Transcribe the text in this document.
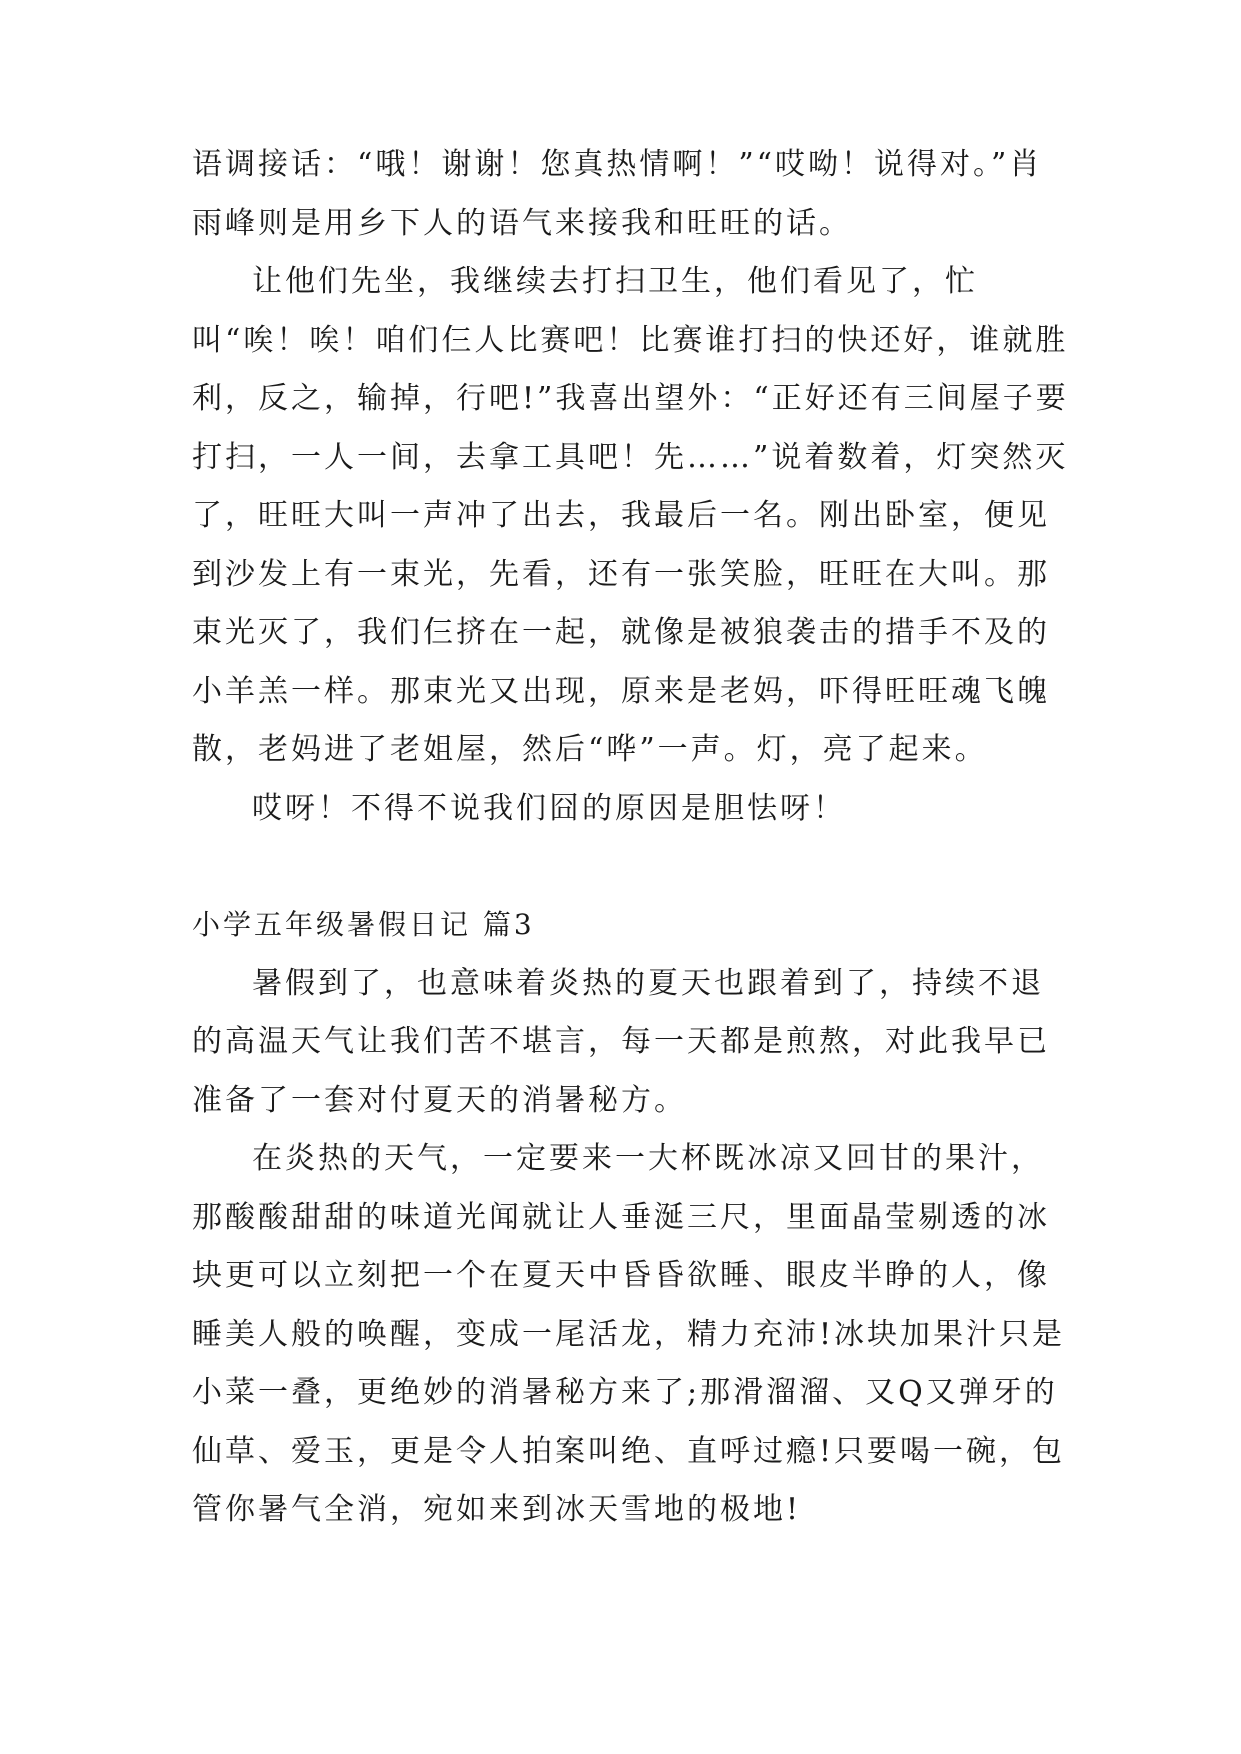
语调接话：“哦！谢谢！您真热情啊！”“哎呦！说得对。”肖雨峰则是用乡下人的语气来接我和旺旺的话。

让他们先坐，我继续去打扫卫生，他们看见了，忙叫“唉！唉！咱们仨人比赛吧！比赛谁打扫的快还好，谁就胜利，反之，输掉，行吧!”我喜出望外：“正好还有三间屋子要打扫，一人一间，去拿工具吧！先……”说着数着，灯突然灭了，旺旺大叫一声冲了出去，我最后一名。刚出卧室，便见到沙发上有一束光，先看，还有一张笑脸，旺旺在大叫。那束光灭了，我们仨挤在一起，就像是被狼袭击的措手不及的小羊羔一样。那束光又出现，原来是老妈，吓得旺旺魂飞魄散，老妈进了老姐屋，然后“哗”一声。灯，亮了起来。

哎呀！不得不说我们囧的原因是胆怯呀！

小学五年级暑假日记 篇3

暑假到了，也意味着炎热的夏天也跟着到了，持续不退的高温天气让我们苦不堪言，每一天都是煎熬，对此我早已准备了一套对付夏天的消暑秘方。

在炎热的天气，一定要来一大杯既冰凉又回甘的果汁，那酸酸甜甜的味道光闻就让人垂涎三尺，里面晶莹剔透的冰块更可以立刻把一个在夏天中昏昏欲睡、眼皮半睁的人，像睡美人般的唤醒，变成一尾活龙，精力充沛!冰块加果汁只是小菜一叠，更绝妙的消暑秘方来了;那滑溜溜、又Q又弹牙的仙草、爱玉，更是令人拍案叫绝、直呼过瘾!只要喝一碗，包管你暑气全消，宛如来到冰天雪地的极地!
